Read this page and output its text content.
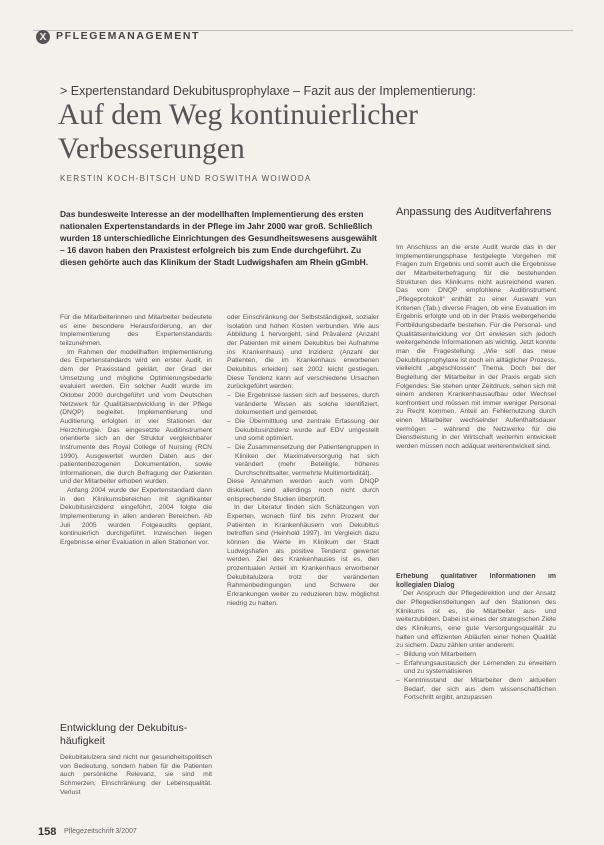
X PFLEGEMANAGEMENT
> Expertenstandard Dekubitusprophylaxe – Fazit aus der Implementierung:
Auf dem Weg kontinuierlicher
Verbesserungen
KERSTIN KOCH-BITSCH UND ROSWITHA WOIWODA
Das bundesweite Interesse an der modellhaften Implementierung des ersten nationalen Expertenstandards in der Pflege im Jahr 2000 war groß. Schließlich wurden 18 unterschiedliche Einrichtungen des Gesundheitswesens ausgewählt – 16 davon haben den Praxistest erfolgreich bis zum Ende durchgeführt. Zu diesen gehörte auch das Klinikum der Stadt Ludwigshafen am Rhein gGmbH.
Anpassung des Auditverfahrens

Für die Mitarbeiterinnen und Mitarbeiter bedeutete es eine besondere Herausforderung, an der Implementierung des Expertenstandards teilzunehmen.

Im Rahmen der modellhaften Implementierung des Expertenstandards wird ein erster Audit, in dem der Praxisstand geklärt, der Grad der Umsetzung und mögliche Optimierungsbedarfe evaluiert werden. Ein solcher Audit wurde im Oktober 2000 durchgeführt und vom Deutschen Netzwerk für Qualitätsentwicklung in der Pflege (DNQP) begleitet. Implementierung und Auditierung erfolgten in vier Stationen der Herzchirurgie. Das eingesetzte Auditinstrument orientierte sich an der Struktur vergleichbarer Instrumente des Royal College of Nursing (RCN 1990). Ausgewertet wurden Daten aus der patientenbezogenen Dokumentation, sowie Informationen, die durch Befragung der Patienten und der Mitarbeiter erhoben wurden.

Anfang 2004 wurde der Expertenstandard dann in den Klinikumsbereichen mit signifikanter Dekubitusinzidenz eingeführt, 2004 folgte die Implementierung in allen anderen Bereichen. Ab Juli 2005 wurden Folgeaudits geplant, kontinuierlich durchgeführt. Inzwischen liegen Ergebnisse einer Evaluation in allen Stationen vor.

Entwicklung der Dekubitushäufigkeit

Dekubitalulzera sind nicht nur gesundheitspolitisch von Bedeutung, sondern haben für die Patienten auch persönliche Relevanz, sie sind mit Schmerzen, Einschränkung der Lebensqualität. Verlust

oder Einschränkung der Selbstständigkeit, sozialer Isolation und hohen Kosten verbunden. Wie aus Abbildung 1 hervorgeht, sind Prävalenz (Anzahl der Patienten mit einem Dekubitus bei Aufnahme ins Krankenhaus) und Inzidenz (Anzahl der Patienten, die im Krankenhaus erworbenen Dekubitus erleiden) seit 2002 leicht gestiegen. Diese Tendenz kann auf verschiedene Ursachen zurückgeführt werden:

– Die Ergebnisse lassen sich auf besseres, durch veränderte Wissen als solche identifiziert, dokumentiert und gemeldet.
– Die Übermittlung und zentrale Erfassung der Dekubitusinzidenz wurde auf EDV umgestellt und somit optimiert.
– Die Zusammensetzung der Patientengruppen in Kliniken der Maximalversorgung hat sich verändert (mehr Beteiligte, höheres Durchschnittsalter, vermehrte Multimorbidität).

Diese Annahmen werden auch vom DNQP diskutiert, sind allerdings noch nicht durch entsprechende Studien überprüft.

In der Literatur finden sich Schätzungen von Experten, wonach fünf bis zehn Prozent der Patienten in Krankenhäusern von Dekubitus betroffen sind (Heinhold 1997). Im Vergleich dazu können die Werte im Klinikum der Stadt Ludwigshafen als positive Tendenz gewertet werden. Ziel des Krankenhauses ist es, den prozentualen Anteil im Krankenhaus erworbener Dekubitalulzera trotz der veränderten Rahmenbedingungen und Schwere der Erkrankungen weiter zu reduzieren bzw. möglichst niedrig zu halten.

Im Anschluss an die erste Audit wurde das in der Implementierungsphase festgelegte Vorgehen mit Fragen zum Ergebnis und somit auch die Ergebnisse der Mitarbeiterbefragung für die bestehenden Strukturen des Klinikums nicht ausreichend waren. Das vom DNQP empfohlene Auditinstrument „Pflegeprotokoll“ enthält zu einer Auswahl von Kriterien (Tab.) diverse Fragen, ob eine Evaluation im Ergebnis erfolgte und ob in der Praxis weitergehende Fortbildungsbedarfe bestehen. Für die Personal- und Qualitätsentwicklung vor Ort erwiesen sich jedoch weitergehende Informationen als wichtig. Jetzt konnte man die Fragestellung: „Wie soll das neue Dekubitusprophylaxe ist doch ein alltäglicher Prozess, vielleicht „abgeschlossen“ Thema. Doch bei der Begleitung der Mitarbeiter in der Praxis ergab sich Folgendes: Sie stehen unter Zeitdruck, sehen sich mit einem anderen Krankenhausaufbau oder Wechsel konfrontiert und müssen mit immer weniger Personal zu Recht kommen. Anteil an Fehlernutzung durch einen Mitarbeiter wechselnder Aufenthaltsdauer vermögen – während die Netzwerke für die Dienstleistung in der Wirtschaft weiterhin entwickelt werden müssen noch adäquat weiterentwickelt sind.

Erhebung qualitativer Informationen im kollegialen Dialog

Der Anspruch der Pflegedirektion und der Ansatz der Pflegedienstleitungen auf den Stationen des Klinikums ist es, die Mitarbeiter aus- und weiterzubilden. Dabei ist eines der strategischen Ziele des Klinikums, eine gute Versorgungsqualität zu halten und effizienten Abläufen einer hohen Qualität zu sichern. Dazu zählen unter anderem:

– Bildung von Mitarbeitern
– Erfahrungsaustausch der Lernenden zu erweitern und zu systematisieren
– Kenntnisstand der Mitarbeiter dem aktuellen Bedarf, der sich aus dem wissenschaftlichen Fortschritt ergibt, anzupassen
158 Pflegezeitschrift 3/2007
